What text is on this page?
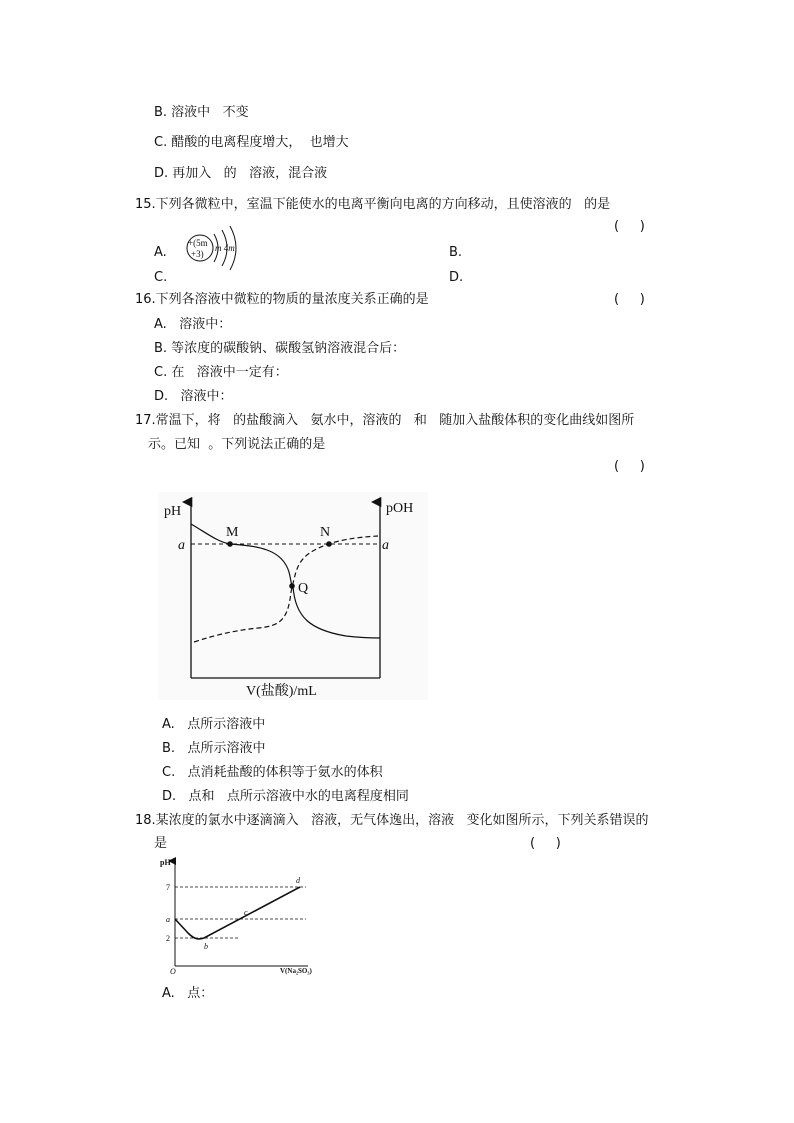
B. 溶液中   不变
C. 醋酸的电离程度增大，  也增大
D. 再加入   的   溶液，混合液
15.下列各微粒中，室温下能使水的电离平衡向电离的方向移动，且使溶液的   的是
(     )
A.
+(5m
+3)
m 4m	B.
C.	D.
16.下列各溶液中微粒的物质的量浓度关系正确的是	(     )
A.   溶液中：
B. 等浓度的碳酸钠、碳酸氢钠溶液混合后：
C. 在   溶液中一定有：
D.   溶液中：
17.常温下，将   的盐酸滴入   氨水中，溶液的   和   随加入盐酸体积的变化曲线如图所
示。已知  。下列说法正确的是
(     )
pH	pOH
a	a
M	N
Q
V(盐酸)/mL
A.   点所示溶液中
B.   点所示溶液中
C.   点消耗盐酸的体积等于氨水的体积
D.   点和   点所示溶液中水的电离程度相同
18.某浓度的氯水中逐滴滴入   溶液，无气体逸出，溶液   变化如图所示，下列关系错误的
是	(     )
pH
7
a
2
O
b
c
d
V(Na₂SO₃)
A.   点：
